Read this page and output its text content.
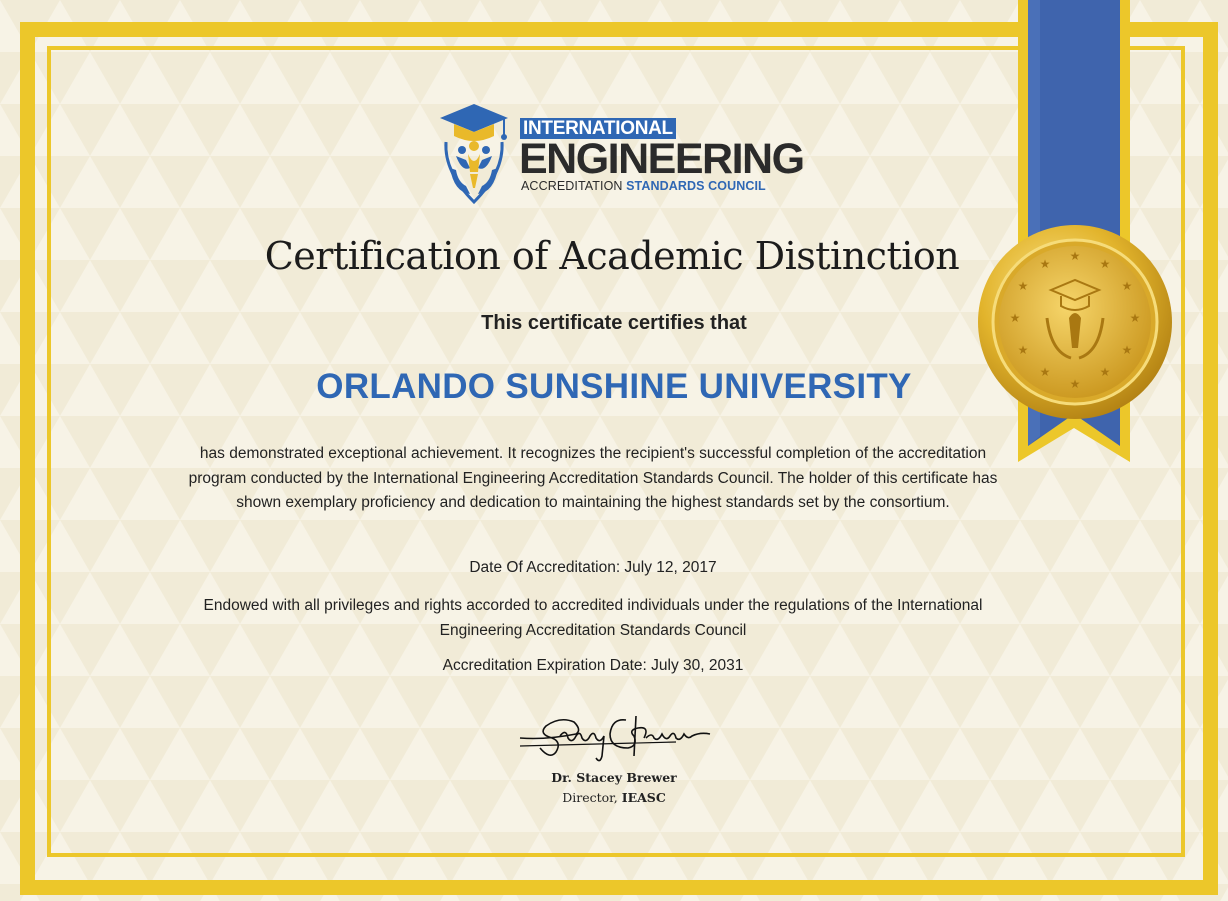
INTERNATIONAL
ENGINEERING
ACCREDITATION STANDARDS COUNCIL
Certification of Academic Distinction
This certificate certifies that
ORLANDO SUNSHINE UNIVERSITY
has demonstrated exceptional achievement. It recognizes the recipient's successful completion of the accreditation program conducted by the International Engineering Accreditation Standards Council. The holder of this certificate has shown exemplary proficiency and dedication to maintaining the highest standards set by the consortium.
Date Of Accreditation: July 12, 2017
Endowed with all privileges and rights accorded to accredited individuals under the regulations of the International Engineering Accreditation Standards Council
Accreditation Expiration Date: July 30, 2031
Dr. Stacey Brewer
Director, IEASC
★
★
★
★
★
★
★
★
★
★
★
★
